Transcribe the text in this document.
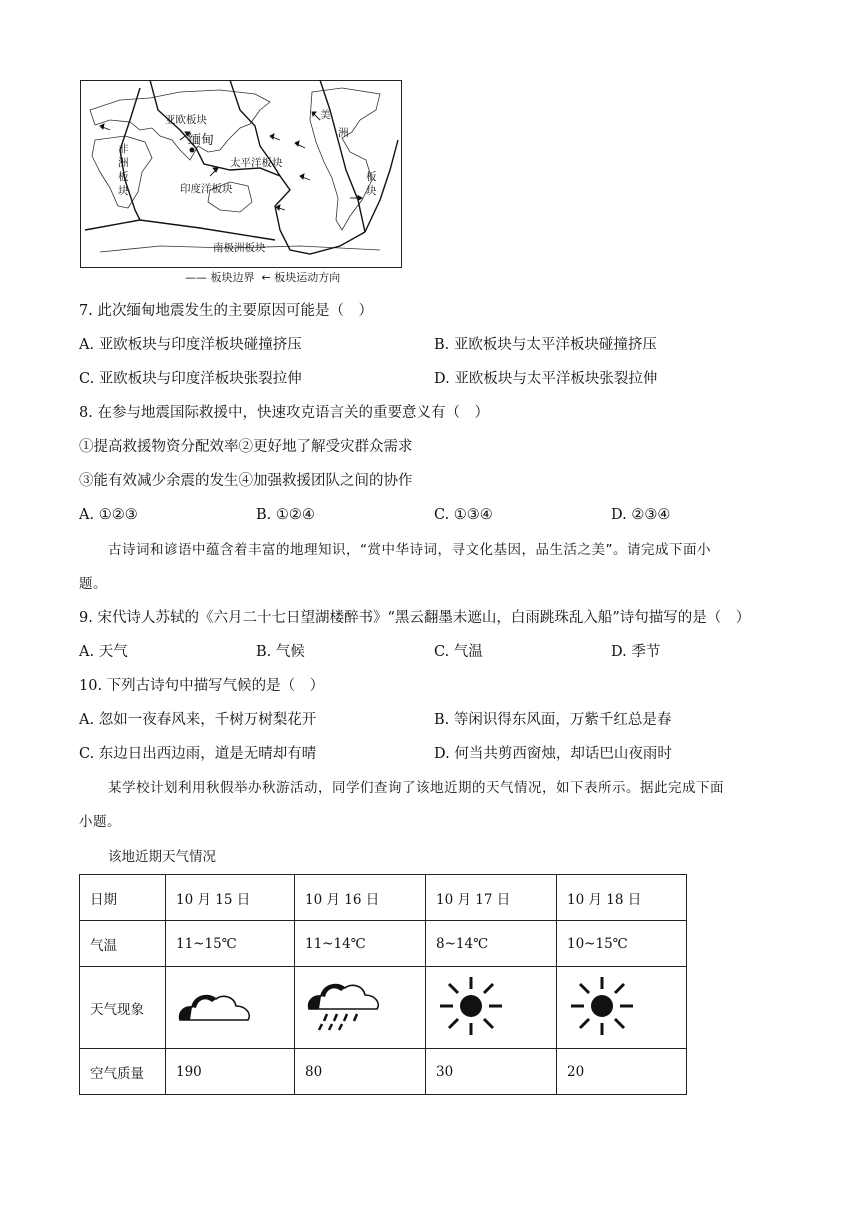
亚欧板块
缅甸
太平洋板块
印度洋板块
南极洲板块
非
洲
板
块
美
洲
板
块
—— 板块边界  ← 板块运动方向
7. 此次缅甸地震发生的主要原因可能是（　）
A. 亚欧板块与印度洋板块碰撞挤压	B. 亚欧板块与太平洋板块碰撞挤压
C. 亚欧板块与印度洋板块张裂拉伸	D. 亚欧板块与太平洋板块张裂拉伸
8. 在参与地震国际救援中，快速攻克语言关的重要意义有（　）
①提高救援物资分配效率②更好地了解受灾群众需求
③能有效减少余震的发生④加强救援团队之间的协作
A. ①②③	B. ①②④	C. ①③④	D. ②③④
古诗词和谚语中蕴含着丰富的地理知识，“赏中华诗词，寻文化基因，品生活之美”。请完成下面小
题。
9. 宋代诗人苏轼的《六月二十七日望湖楼醉书》“黑云翻墨未遮山，白雨跳珠乱入船”诗句描写的是（　）
A. 天气	B. 气候	C. 气温	D. 季节
10. 下列古诗句中描写气候的是（　）
A. 忽如一夜春风来，千树万树梨花开	B. 等闲识得东风面，万紫千红总是春
C. 东边日出西边雨，道是无晴却有晴	D. 何当共剪西窗烛，却话巴山夜雨时
某学校计划利用秋假举办秋游活动，同学们查询了该地近期的天气情况，如下表所示。据此完成下面
小题。
该地近期天气情况
日期	10 月 15 日	10 月 16 日	10 月 17 日	10 月 18 日
气温	11~15℃	11~14℃	8~14℃	10~15℃
天气现象				
空气质量	190	80	30	20
